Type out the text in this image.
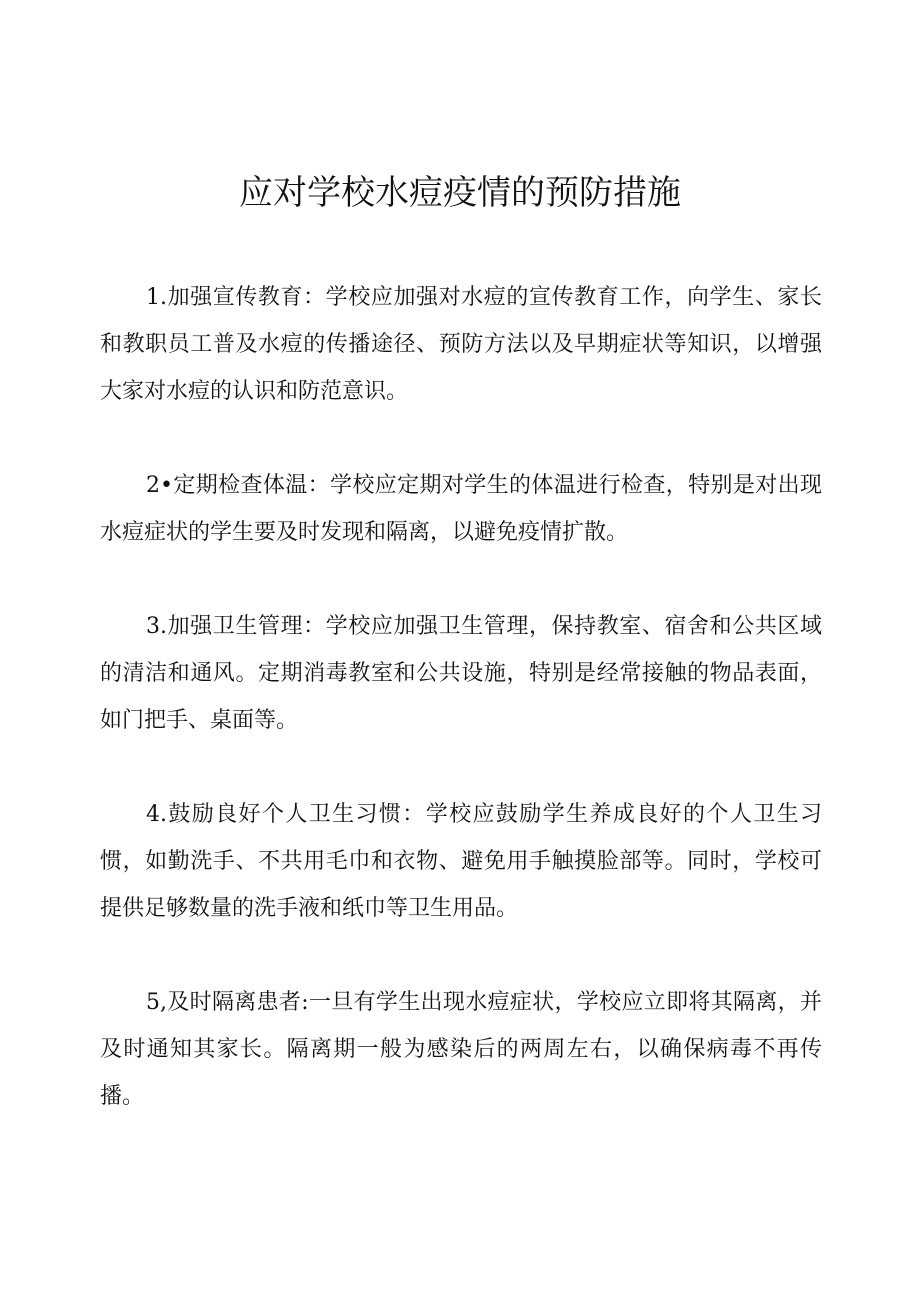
应对学校水痘疫情的预防措施

1.加强宣传教育：学校应加强对水痘的宣传教育工作，向学生、家长和教职员工普及水痘的传播途径、预防方法以及早期症状等知识，以增强大家对水痘的认识和防范意识。

2•定期检查体温：学校应定期对学生的体温进行检查，特别是对出现水痘症状的学生要及时发现和隔离，以避免疫情扩散。

3.加强卫生管理：学校应加强卫生管理，保持教室、宿舍和公共区域的清洁和通风。定期消毒教室和公共设施，特别是经常接触的物品表面，如门把手、桌面等。

4.鼓励良好个人卫生习惯：学校应鼓励学生养成良好的个人卫生习惯，如勤洗手、不共用毛巾和衣物、避免用手触摸脸部等。同时，学校可提供足够数量的洗手液和纸巾等卫生用品。

5,及时隔离患者:一旦有学生出现水痘症状，学校应立即将其隔离，并及时通知其家长。隔离期一般为感染后的两周左右，以确保病毒不再传播。
